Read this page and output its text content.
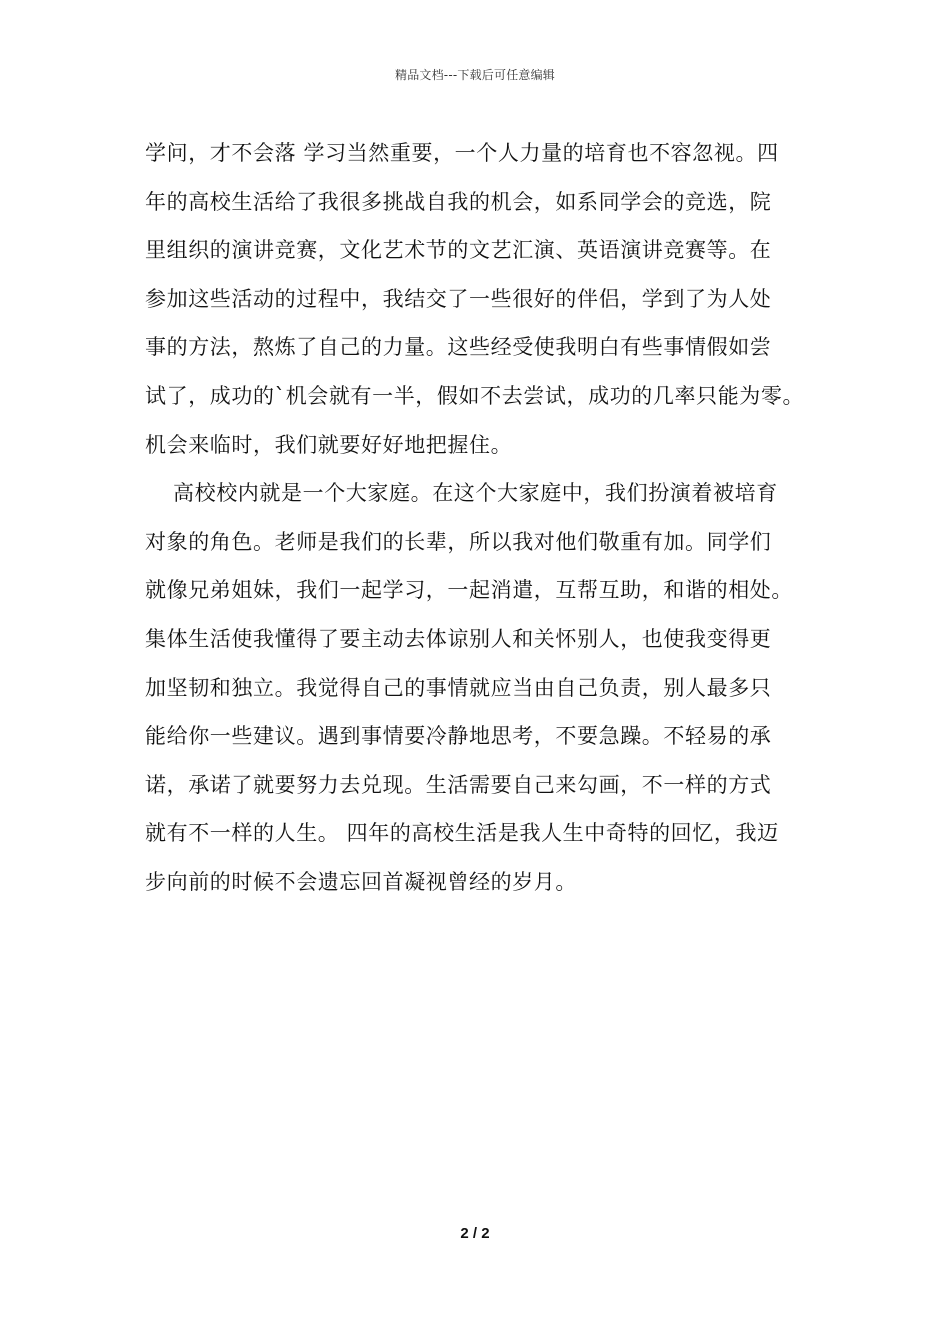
精品文档---下载后可任意编辑

学问，才不会落 学习当然重要，一个人力量的培育也不容忽视。四
年的高校生活给了我很多挑战自我的机会，如系同学会的竞选，院
里组织的演讲竞赛，文化艺术节的文艺汇演、英语演讲竞赛等。在
参加这些活动的过程中，我结交了一些很好的伴侣，学到了为人处
事的方法，熬炼了自己的力量。这些经受使我明白有些事情假如尝
试了，成功的`机会就有一半，假如不去尝试，成功的几率只能为零。
机会来临时，我们就要好好地把握住。

高校校内就是一个大家庭。在这个大家庭中，我们扮演着被培育
对象的角色。老师是我们的长辈，所以我对他们敬重有加。同学们
就像兄弟姐妹，我们一起学习，一起消遣，互帮互助，和谐的相处。
集体生活使我懂得了要主动去体谅别人和关怀别人，也使我变得更
加坚韧和独立。我觉得自己的事情就应当由自己负责，别人最多只
能给你一些建议。遇到事情要冷静地思考，不要急躁。不轻易的承
诺，承诺了就要努力去兑现。生活需要自己来勾画，不一样的方式
就有不一样的人生。 四年的高校生活是我人生中奇特的回忆，我迈
步向前的时候不会遗忘回首凝视曾经的岁月。

2 / 2
